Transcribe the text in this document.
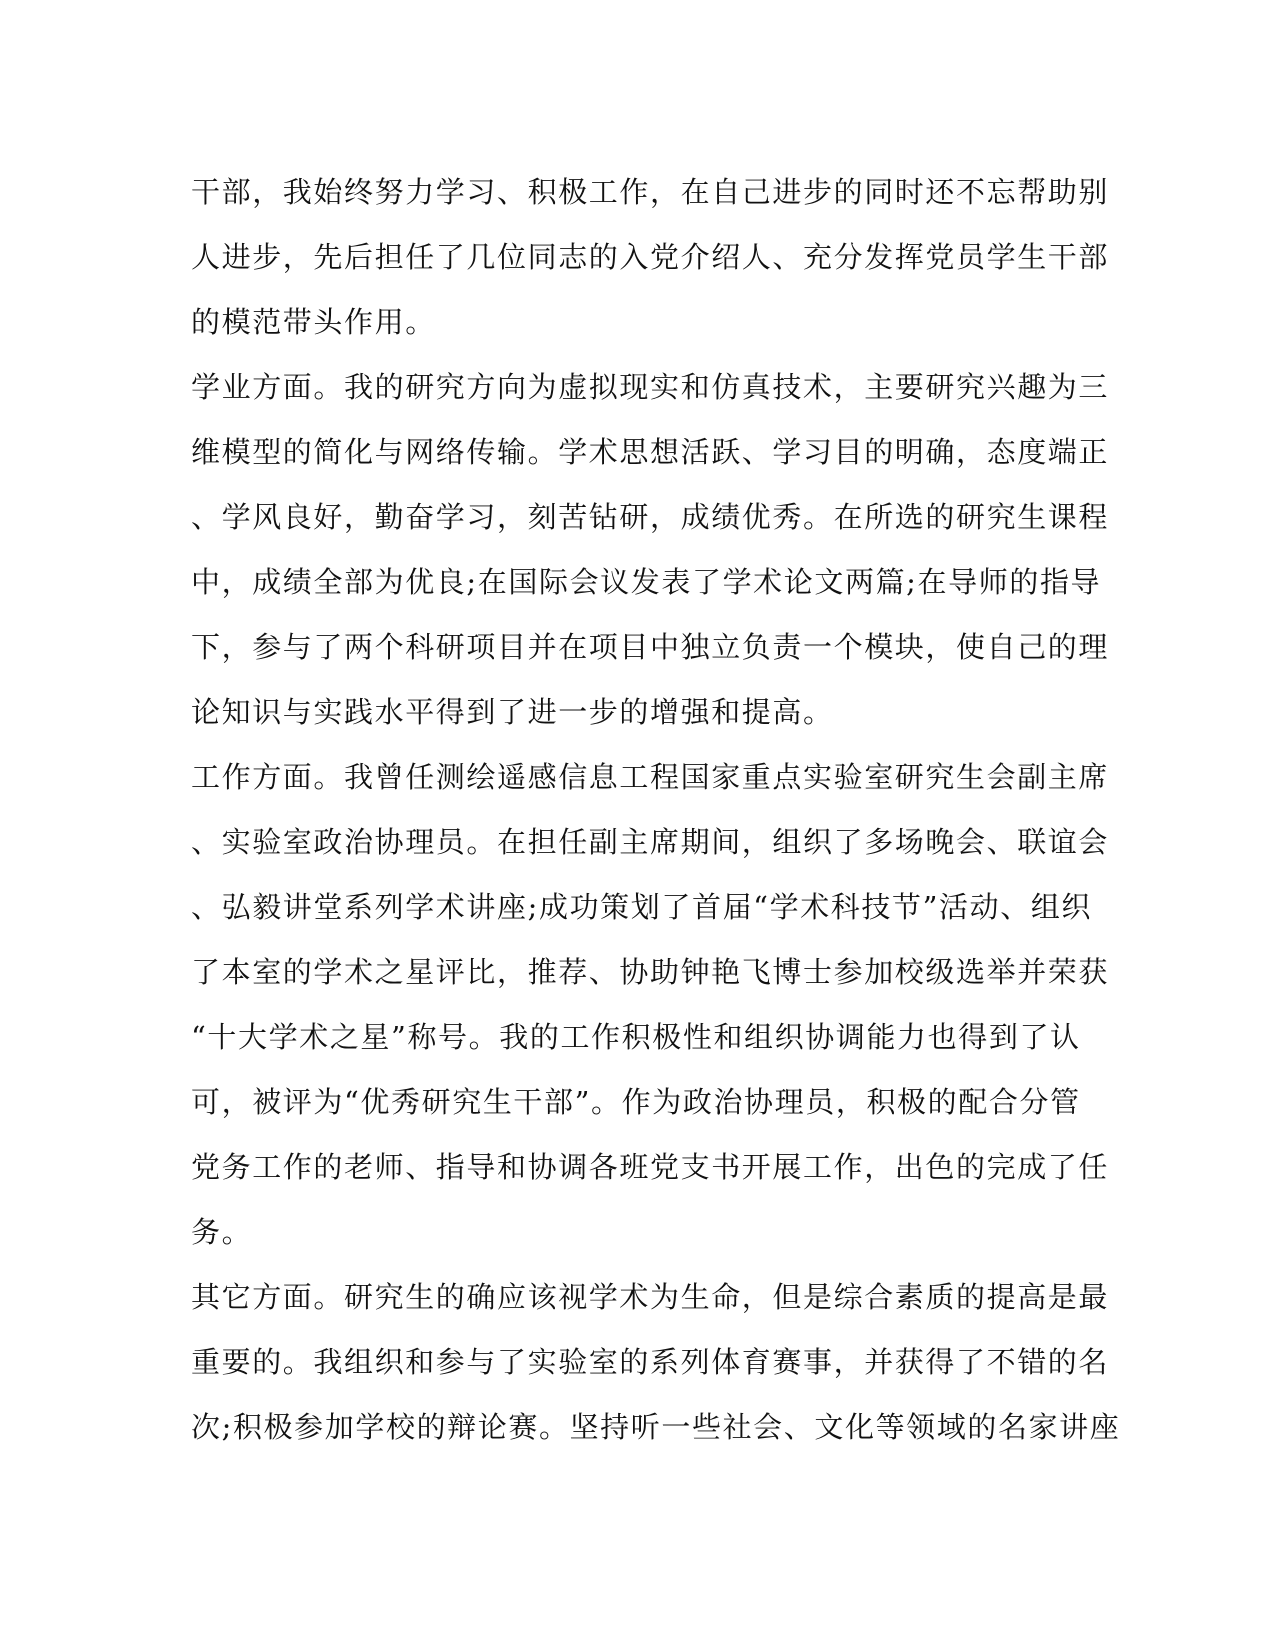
干部，我始终努力学习、积极工作，在自己进步的同时还不忘帮助别
人进步，先后担任了几位同志的入党介绍人、充分发挥党员学生干部
的模范带头作用。
学业方面。我的研究方向为虚拟现实和仿真技术，主要研究兴趣为三
维模型的简化与网络传输。学术思想活跃、学习目的明确，态度端正
、学风良好，勤奋学习，刻苦钻研，成绩优秀。在所选的研究生课程
中，成绩全部为优良;在国际会议发表了学术论文两篇;在导师的指导
下，参与了两个科研项目并在项目中独立负责一个模块，使自己的理
论知识与实践水平得到了进一步的增强和提高。
工作方面。我曾任测绘遥感信息工程国家重点实验室研究生会副主席
、实验室政治协理员。在担任副主席期间，组织了多场晚会、联谊会
、弘毅讲堂系列学术讲座;成功策划了首届“学术科技节”活动、组织
了本室的学术之星评比，推荐、协助钟艳飞博士参加校级选举并荣获
“十大学术之星”称号。我的工作积极性和组织协调能力也得到了认
可，被评为“优秀研究生干部”。作为政治协理员，积极的配合分管
党务工作的老师、指导和协调各班党支书开展工作，出色的完成了任
务。
其它方面。研究生的确应该视学术为生命，但是综合素质的提高是最
重要的。我组织和参与了实验室的系列体育赛事，并获得了不错的名
次;积极参加学校的辩论赛。坚持听一些社会、文化等领域的名家讲座
